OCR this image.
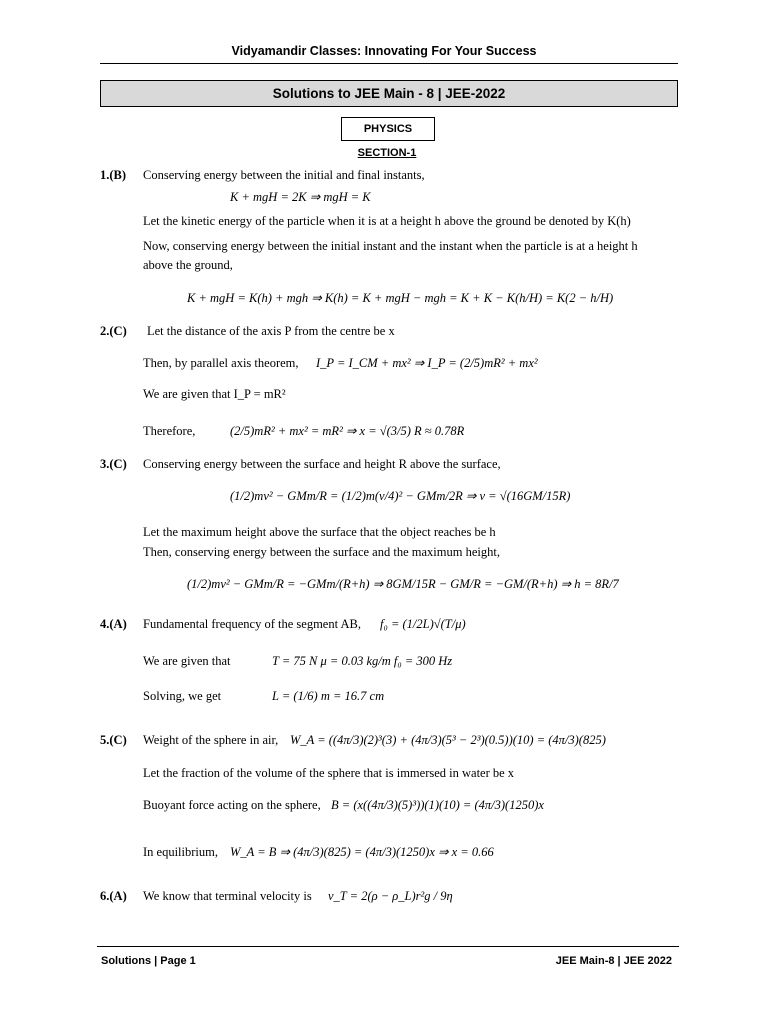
Vidyamandir Classes: Innovating For Your Success
Solutions to JEE Main - 8 | JEE-2022
PHYSICS
SECTION-1
1.(B) Conserving energy between the initial and final instants,
K + mgH = 2K ⇒ mgH = K
Let the kinetic energy of the particle when it is at a height h above the ground be denoted by K(h)
Now, conserving energy between the initial instant and the instant when the particle is at a height h
above the ground,
K + mgH = K(h) + mgh ⇒ K(h) = K + mgH − mgh = K + K − K(h/H) = K(2 − h/H)
2.(C) Let the distance of the axis P from the centre be x
Then, by parallel axis theorem, I_P = I_CM + mx² ⇒ I_P = (2/5)mR² + mx²
We are given that I_P = mR²
Therefore,	(2/5)mR² + mx² = mR² ⇒ x = √(3/5) R ≈ 0.78R
3.(C) Conserving energy between the surface and height R above the surface,
(1/2)mv² − GMm/R = (1/2)m(v/4)² − GMm/2R ⇒ v = √(16GM/15R)
Let the maximum height above the surface that the object reaches be h
Then, conserving energy between the surface and the maximum height,
(1/2)mv² − GMm/R = −GMm/(R+h) ⇒ 8GM/15R − GM/R = −GM/(R+h) ⇒ h = 8R/7
4.(A) Fundamental frequency of the segment AB, f₀ = (1/2L)√(T/μ)
We are given that	T = 75 N μ = 0.03 kg/m f₀ = 300 Hz
Solving, we get	L = (1/6) m = 16.7 cm
5.(C) Weight of the sphere in air, W_A = ((4π/3)(2)³(3) + (4π/3)(5³ − 2³)(0.5))(10) = (4π/3)(825)
Let the fraction of the volume of the sphere that is immersed in water be x
Buoyant force acting on the sphere, B = (x((4π/3)(5)³))(1)(10) = (4π/3)(1250)x
In equilibrium, W_A = B ⇒ (4π/3)(825) = (4π/3)(1250)x ⇒ x = 0.66
6.(A) We know that terminal velocity is v_T = 2(ρ − ρ_L)r²g / 9η
Solutions | Page 1	JEE Main-8 | JEE 2022
